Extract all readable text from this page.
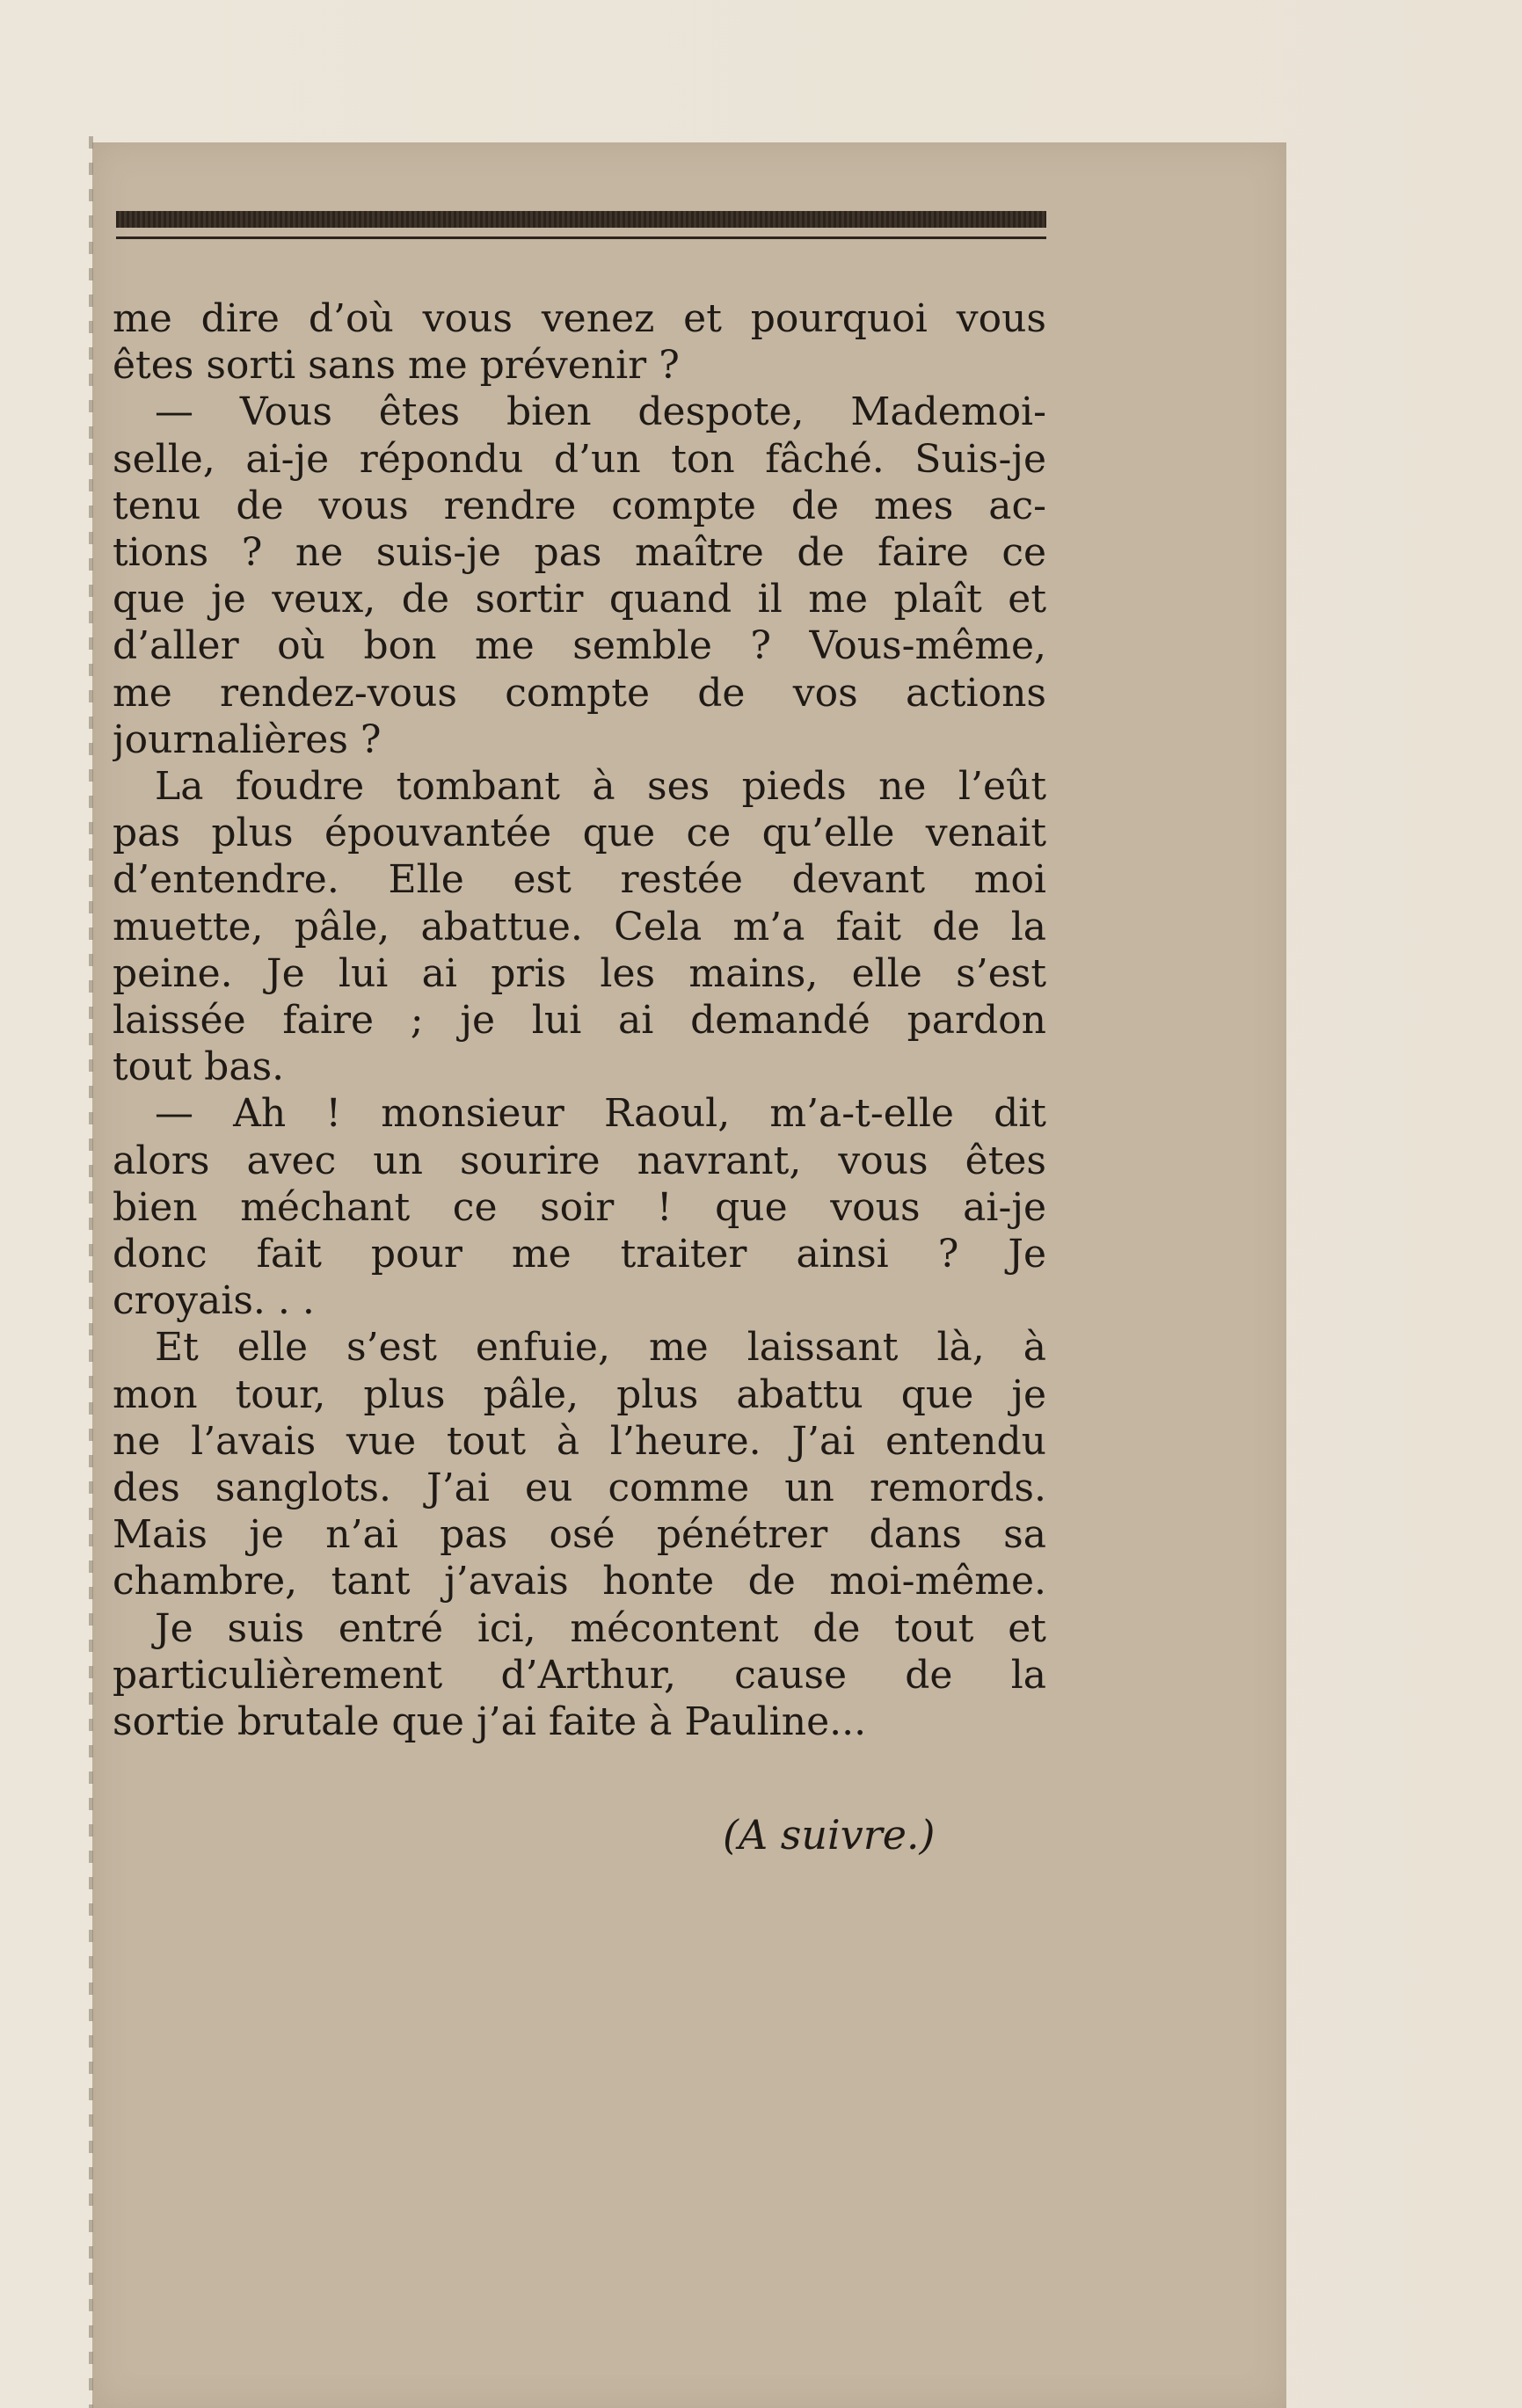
me dire d’où vous venez et pourquoi vous
êtes sorti sans me prévenir ?
— Vous êtes bien despote, Mademoi-
selle, ai-je répondu d’un ton fâché. Suis-je
tenu de vous rendre compte de mes ac-
tions ? ne suis-je pas maître de faire ce
que je veux, de sortir quand il me plaît et
d’aller où bon me semble ? Vous-même,
me rendez-vous compte de vos actions
journalières ?
La foudre tombant à ses pieds ne l’eût
pas plus épouvantée que ce qu’elle venait
d’entendre. Elle est restée devant moi
muette, pâle, abattue. Cela m’a fait de la
peine. Je lui ai pris les mains, elle s’est
laissée faire ; je lui ai demandé pardon
tout bas.
— Ah ! monsieur Raoul, m’a-t-elle dit
alors avec un sourire navrant, vous êtes
bien méchant ce soir ! que vous ai-je
donc fait pour me traiter ainsi ? Je
croyais. . .
Et elle s’est enfuie, me laissant là, à
mon tour, plus pâle, plus abattu que je
ne l’avais vue tout à l’heure. J’ai entendu
des sanglots. J’ai eu comme un remords.
Mais je n’ai pas osé pénétrer dans sa
chambre, tant j’avais honte de moi-même.
Je suis entré ici, mécontent de tout et
particulièrement d’Arthur, cause de la
sortie brutale que j’ai faite à Pauline...
(A suivre.)
